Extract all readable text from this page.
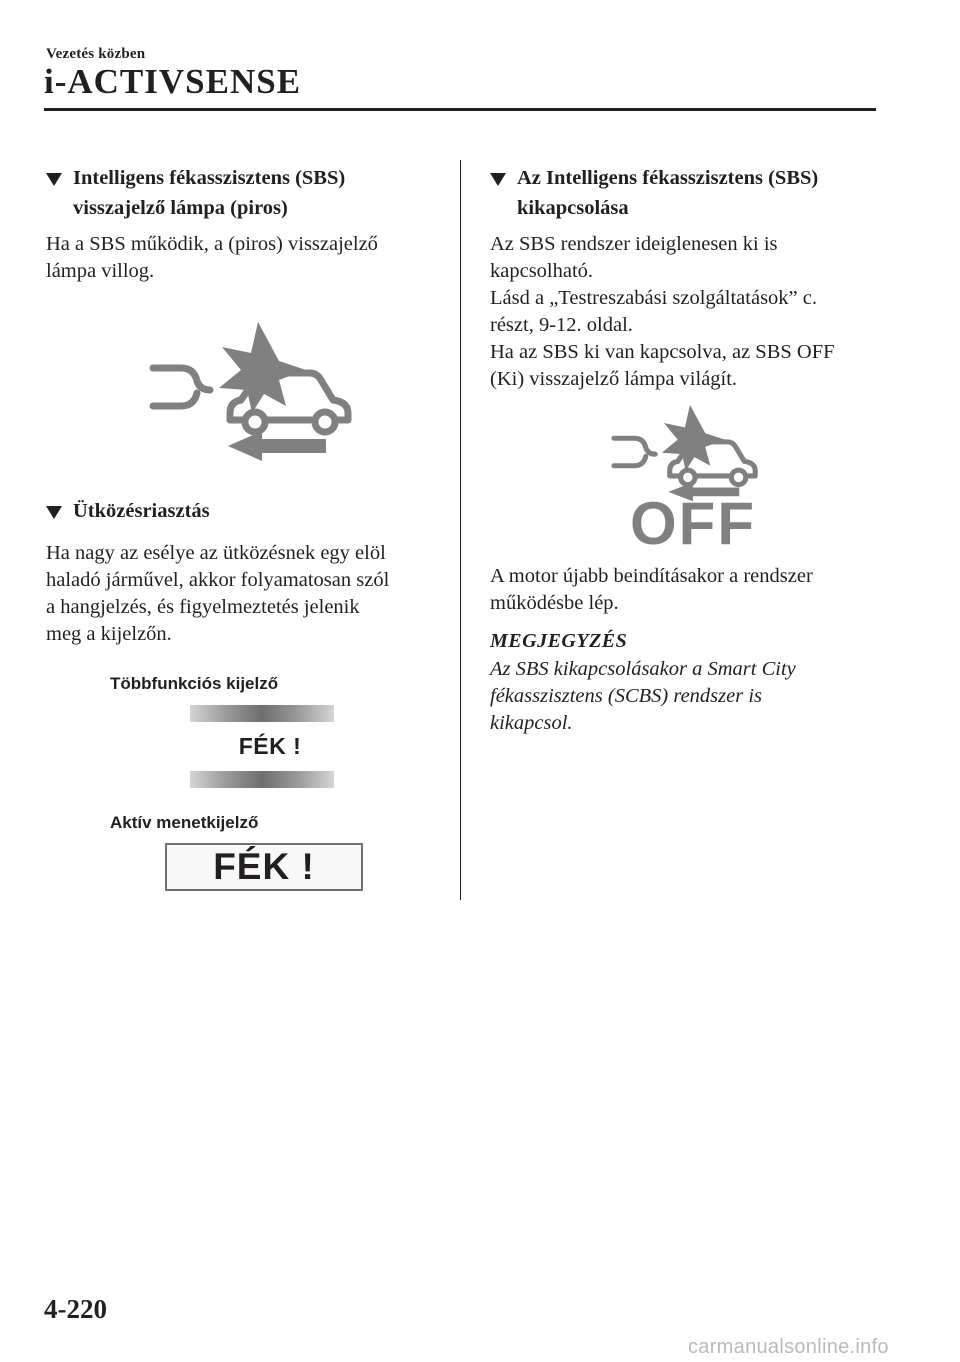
Vezetés közben
i-ACTIVSENSE
Intelligens fékasszisztens (SBS)
visszajelző lámpa (piros)
Ha a SBS működik, a (piros) visszajelző
lámpa villog.
Ütközésriasztás
Ha nagy az esélye az ütközésnek egy elöl
haladó járművel, akkor folyamatosan szól
a hangjelzés, és figyelmeztetés jelenik
meg a kijelzőn.
Többfunkciós kijelző
FÉK !
Aktív menetkijelző
FÉK !
Az Intelligens fékasszisztens (SBS)
kikapcsolása
Az SBS rendszer ideiglenesen ki is
kapcsolható.
Lásd a „Testreszabási szolgáltatások” c.
részt, 9-12. oldal.
Ha az SBS ki van kapcsolva, az SBS OFF
(Ki) visszajelző lámpa világít.
OFF
A motor újabb beindításakor a rendszer
működésbe lép.
MEGJEGYZÉS
Az SBS kikapcsolásakor a Smart City
fékasszisztens (SCBS) rendszer is
kikapcsol.
4-220
carmanualsonline.info
